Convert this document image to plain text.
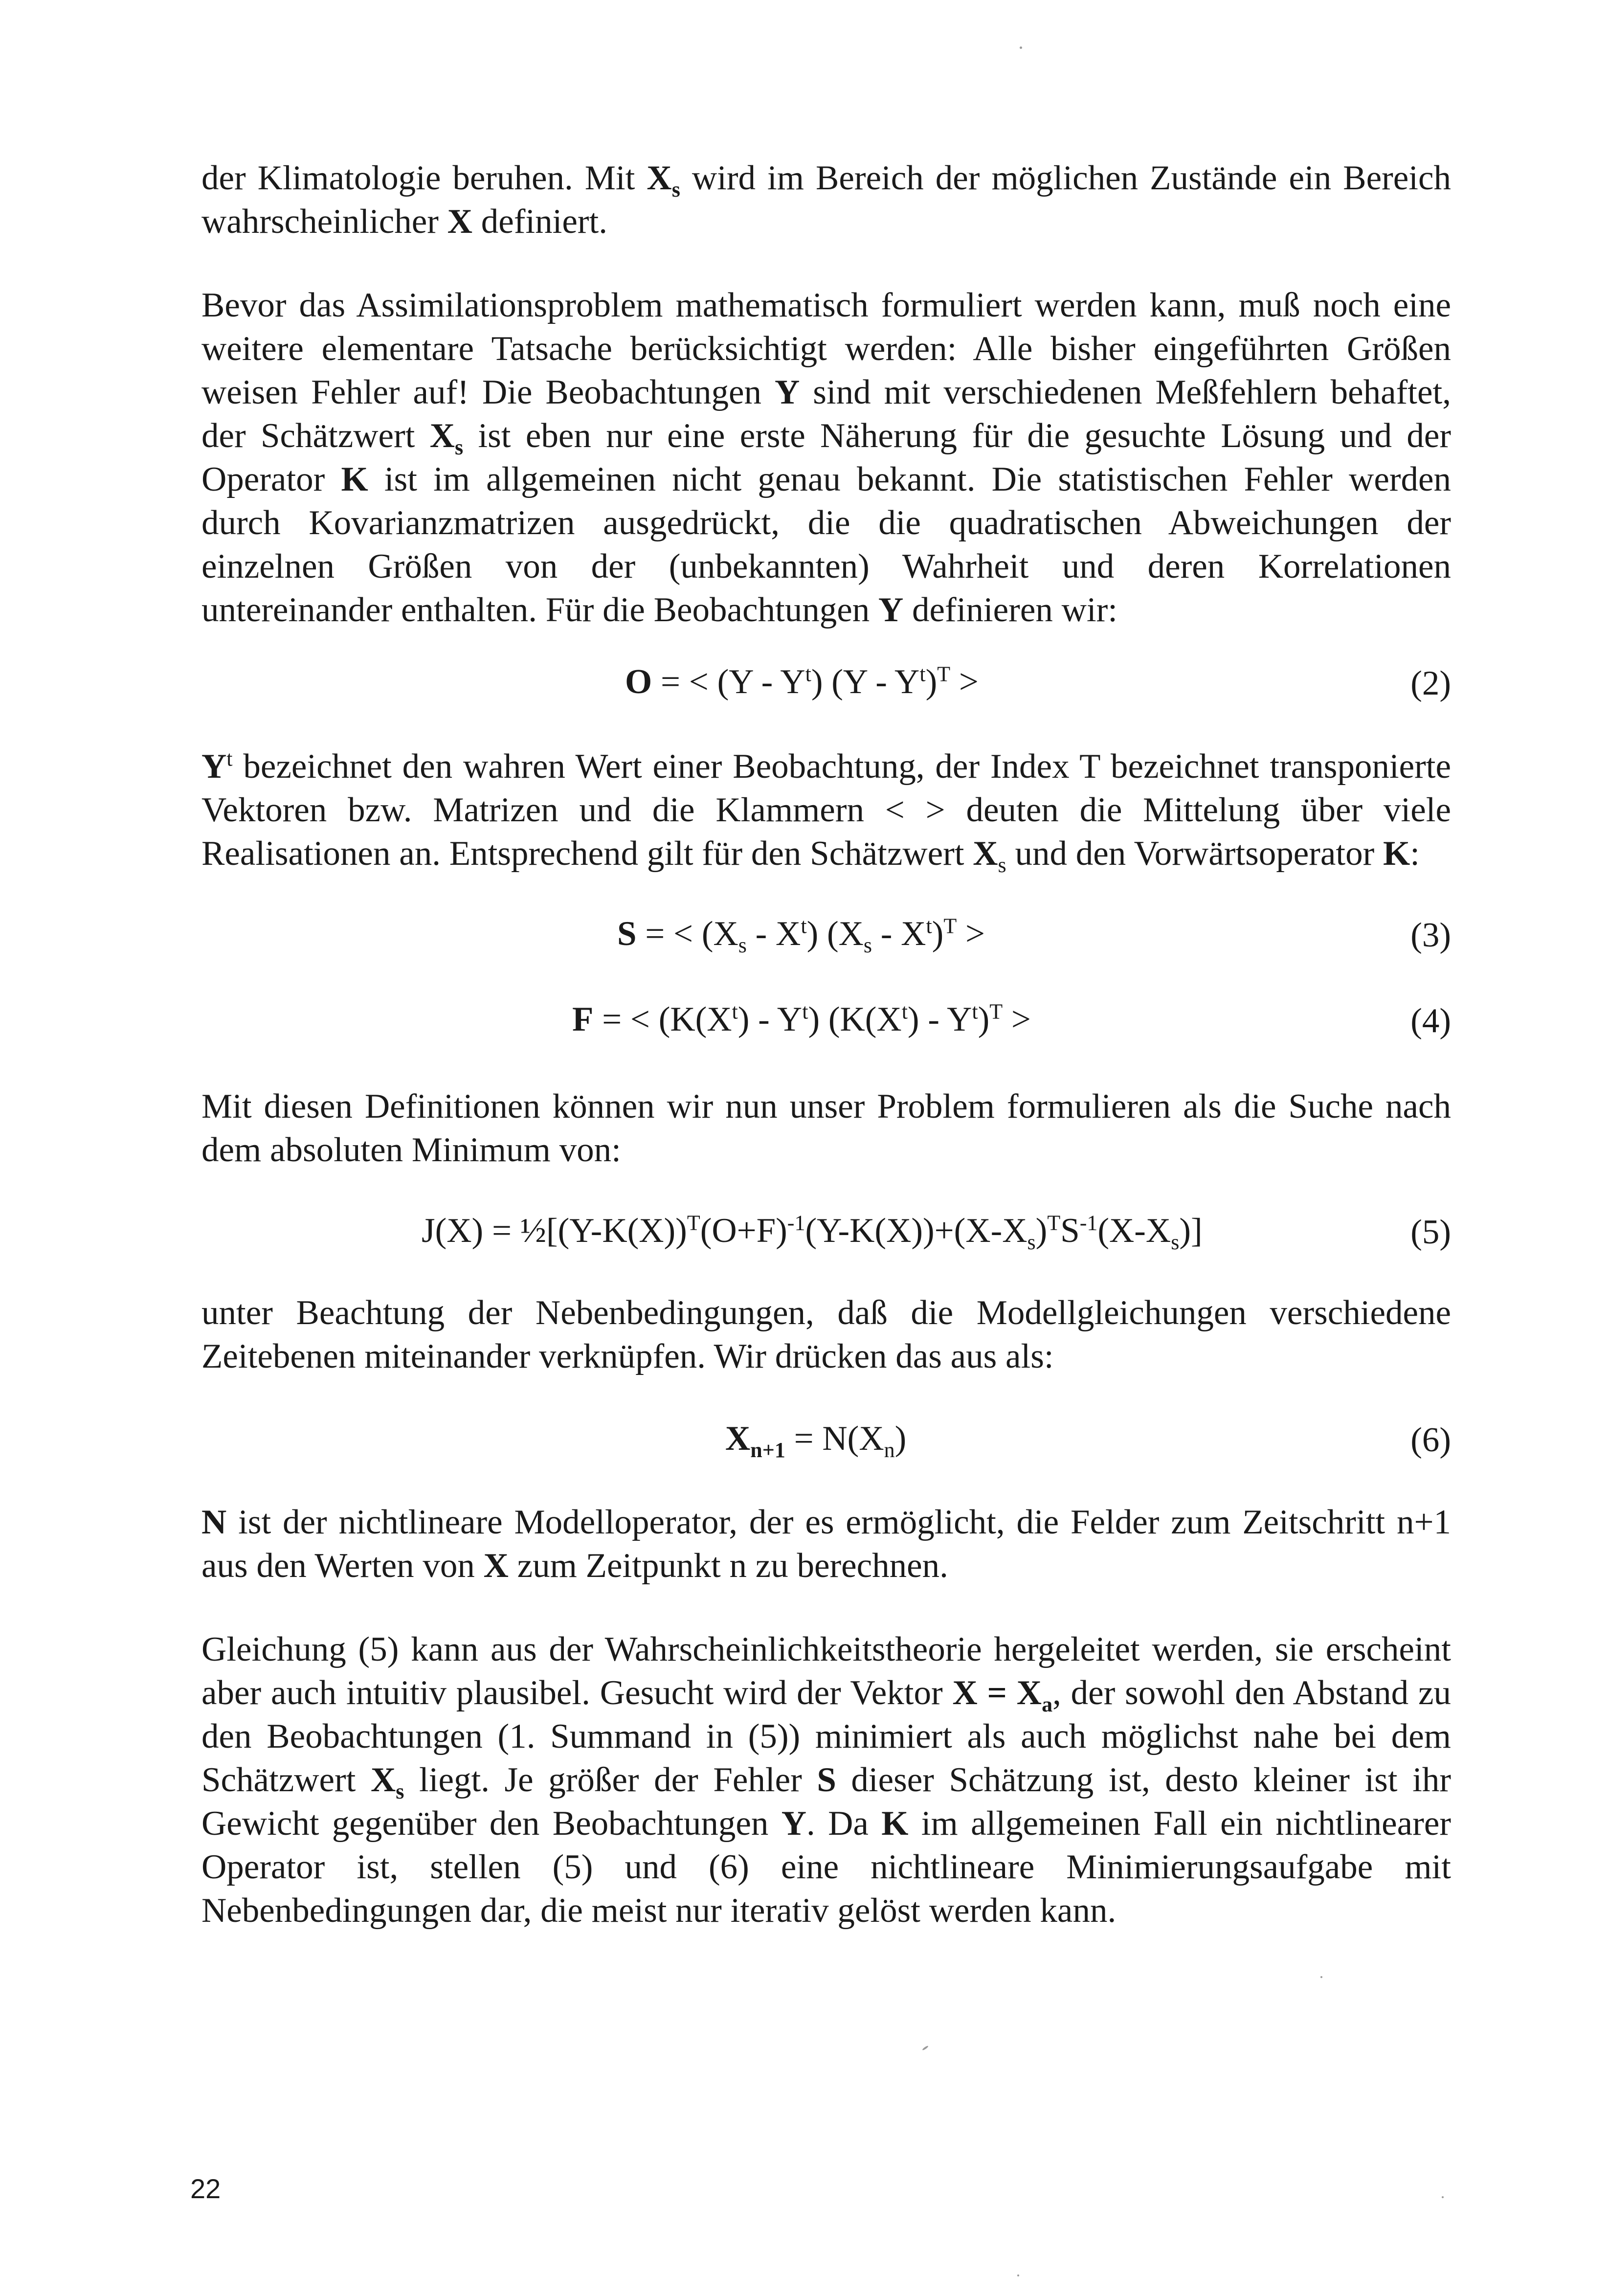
der Klimatologie beruhen. Mit $X_s$ wird im Bereich der möglichen Zustände ein Bereich wahrscheinlicher X definiert.

Bevor das Assimilationsproblem mathematisch formuliert werden kann, muß noch eine weitere elementare Tatsache berücksichtigt werden: Alle bisher eingeführten Größen weisen Fehler auf! Die Beobachtungen Y sind mit verschiedenen Meßfehlern behaftet, der Schätzwert $X_s$ ist eben nur eine erste Näherung für die gesuchte Lösung und der Operator K ist im allgemeinen nicht genau bekannt. Die statistischen Fehler werden durch Kovarianzmatrizen ausgedrückt, die die quadratischen Abweichungen der einzelnen Größen von der (unbekannten) Wahrheit und deren Korrelationen untereinander enthalten. Für die Beobachtungen Y definieren wir:

O = < $(Y - Y^t)$ $(Y - Y^t)^T$ >	(2)

$Y^t$ bezeichnet den wahren Wert einer Beobachtung, der Index T bezeichnet transponierte Vektoren bzw. Matrizen und die Klammern < > deuten die Mittelung über viele Realisationen an. Entsprechend gilt für den Schätzwert $X_s$ und den Vorwärtsoperator K:

S = < $(X_s - X^t)$ $(X_s - X^t)^T$ >	(3)
F = < $(K(X^t) - Y^t)$ $(K(X^t) - Y^t)^T$ >	(4)

Mit diesen Definitionen können wir nun unser Problem formulieren als die Suche nach dem absoluten Minimum von:

$J(X) = \frac{1}{2}[(Y-K(X))^T(O+F)^{-1}(Y-K(X))+(X-X_s)^TS^{-1}(X-X_s)]$	(5)

unter Beachtung der Nebenbedingungen, daß die Modellgleichungen verschiedene Zeitebenen miteinander verknüpfen. Wir drücken das aus als:

$X_{n+1} = N(X_n)$	(6)

N ist der nichtlineare Modelloperator, der es ermöglicht, die Felder zum Zeitschritt n+1 aus den Werten von X zum Zeitpunkt n zu berechnen.

Gleichung (5) kann aus der Wahrscheinlichkeitstheorie hergeleitet werden, sie erscheint aber auch intuitiv plausibel. Gesucht wird der Vektor $X = X_a$, der sowohl den Abstand zu den Beobachtungen (1. Summand in (5)) minimiert als auch möglichst nahe bei dem Schätzwert $X_s$ liegt. Je größer der Fehler S dieser Schätzung ist, desto kleiner ist ihr Gewicht gegenüber den Beobachtungen Y. Da K im allgemeinen Fall ein nichtlinearer Operator ist, stellen (5) und (6) eine nichtlineare Minimierungsaufgabe mit Nebenbedingungen dar, die meist nur iterativ gelöst werden kann.

22
